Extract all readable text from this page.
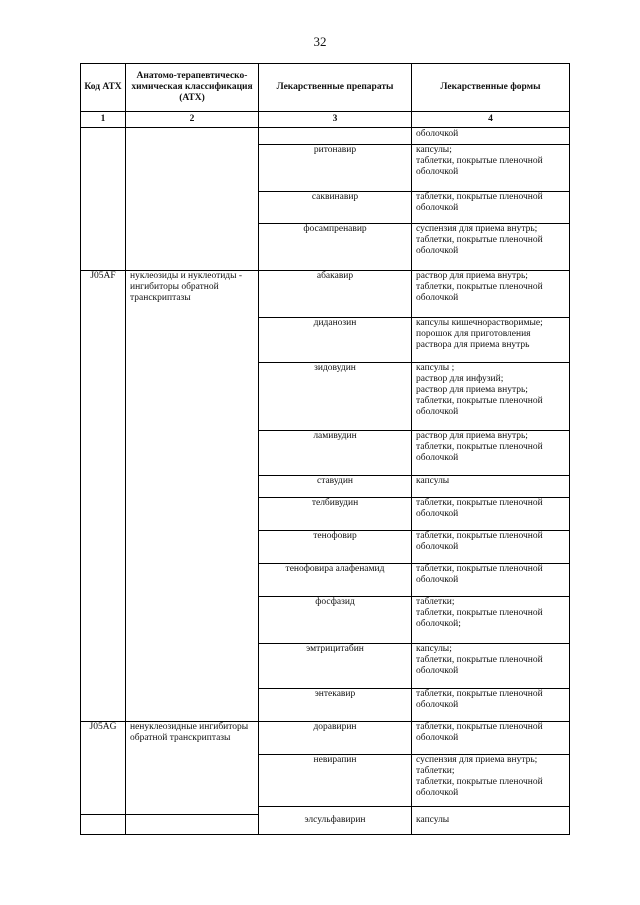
32
Код АТХ	Анатомо-терапевтическо-химическая классификация (АТХ)	Лекарственные препараты	Лекарственные формы
1	2	3	4
			оболочкой
		ритонавир	капсулы;
таблетки, покрытые пленочной оболочкой
		саквинавир	таблетки, покрытые пленочной оболочкой
		фосампренавир	суспензия для приема внутрь;
таблетки, покрытые пленочной оболочкой
J05AF	нуклеозиды и нуклеотиды - ингибиторы обратной транскриптазы	абакавир	раствор для приема внутрь;
таблетки, покрытые пленочной оболочкой
		диданозин	капсулы кишечнорастворимые;
порошок для приготовления раствора для приема внутрь
		зидовудин	капсулы ;
раствор для инфузий;
раствор для приема внутрь;
таблетки, покрытые пленочной оболочкой
		ламивудин	раствор для приема внутрь;
таблетки, покрытые пленочной оболочкой
		ставудин	капсулы
		телбивудин	таблетки, покрытые пленочной оболочкой
		тенофовир	таблетки, покрытые пленочной оболочкой
		тенофовира алафенамид	таблетки, покрытые пленочной оболочкой
		фосфазид	таблетки;
таблетки, покрытые пленочной оболочкой;
		эмтрицитабин	капсулы;
таблетки, покрытые пленочной оболочкой
		энтекавир	таблетки, покрытые пленочной оболочкой
J05AG	ненуклеозидные ингибиторы обратной транскриптазы	доравирин	таблетки, покрытые пленочной оболочкой
		невирапин	суспензия для приема внутрь;
таблетки;
таблетки, покрытые пленочной оболочкой

		элсульфавирин	капсулы
